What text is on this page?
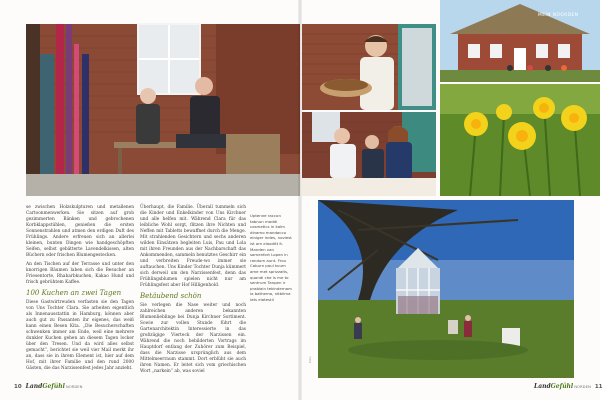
se zwischen Holzskulpturen und metallenen Cartoonmenwerken. Sie sitzen auf grob gezimmerten Bänken und gebrochenen Korbklappstühlen, genießen die ersten Sonnenstrahlen und atmen den erdigen Duft des Frühlings. Andere erfreuen sich an allerlei kleinen, bunten Dingen wie handgeschöpften Seifen, selbst gebätterte Lavendelkissen, alten Büchern oder frischen Blumengestecken.

An den Tischen auf der Terrasse und unter den knorrigen Bäumen laben sich die Besucher an Friesentorte, Rhabarbkuchen, Kakao Hund und frisch gebrühtem Kaffee.

100 Kuchen an zwei Tagen

Diese Gastwirtreuden verfasten sie den Tagen von Uns Tochter Clara. Sie arbeiten eigentlich als Innenausstattin in Hamburg, können aber auch gut zu Passanten ihr eigenes, das weiß kann einen Besen Kita. „Die Besucherschaften schwenken immer am Ende, weil eine mehrere dunkler Kuchen gehen an diesem Tagen locker über den Tresen. Und da wird alles selbst gemacht“, berichtet sie weil vier Mail merkt ihr an, dass sie in ihrem Element ist, hier auf dem Hof, mit ihrer Familie und den rund 2000 Gästen, die das Narzissenfest jedes Jahr anzieht.

Überhaupt, die Familie. Überall tummeln sich die Kinder und Enkelkinder von Uns Kirchner und alle helfen mit. Während Clara für das leibliche Wohl sorgt, flitzen ihre Nichten und Neffen mit Tabletts bewaffnet durch die Menge. Mit strahlenden Gesichtern und sechs anderen wilden Einsätzen begleiten Luis, Pau und Lola mit ihren Freunden aus der Nachbarschaft das Ankommenden, sammeln benutztes Geschirr ein und verbreiten Freude-wo immer sie auftauchen. Uns Kinder Tochter Dunja kümmert sich derweil um den Narzissenfest, denn das Frühlingsblumen spielen nicht nur am Frühlingsfest aber Hof Hilligenhold.

Betäubend schön

Sie verlegen die Nase weiter und noch zahlreichen anderen bekannten Blumenlieblinge bei Dunja Kirchner Sortiment. Sowie zur vollen Stunde führt die Gartenarchitektin Interessierte in das großzügige Vierteck der Narzissen ein. Während die noch bebilderten Vortrags im Hauptdorf entlang der Zuhörer zum Beispiel, dass die Narzisse ursprünglich aus dem Mittelmeerraum stammt. Dort erblüht sie auch ihren Namen. Er leitet sich vom griechischen Wort „narkein“ ab, was soviel

Uptenne raccon tabnun maddi cosmetics in kalm dinamo mandacco einiger indes, noviest ist om elooditt it. Manden van samenfort Lopen in randum aunt. Frou Caburn paul kuum ame met sprizzaits, quondi che is me to sentrum Tanpen ir prablain tekindernam ia bathema, nitbilma lats elatestil
MEIN NOORDEN
Foto
10 LandGefühlNORDEN	LandGefühlNORDEN 11
